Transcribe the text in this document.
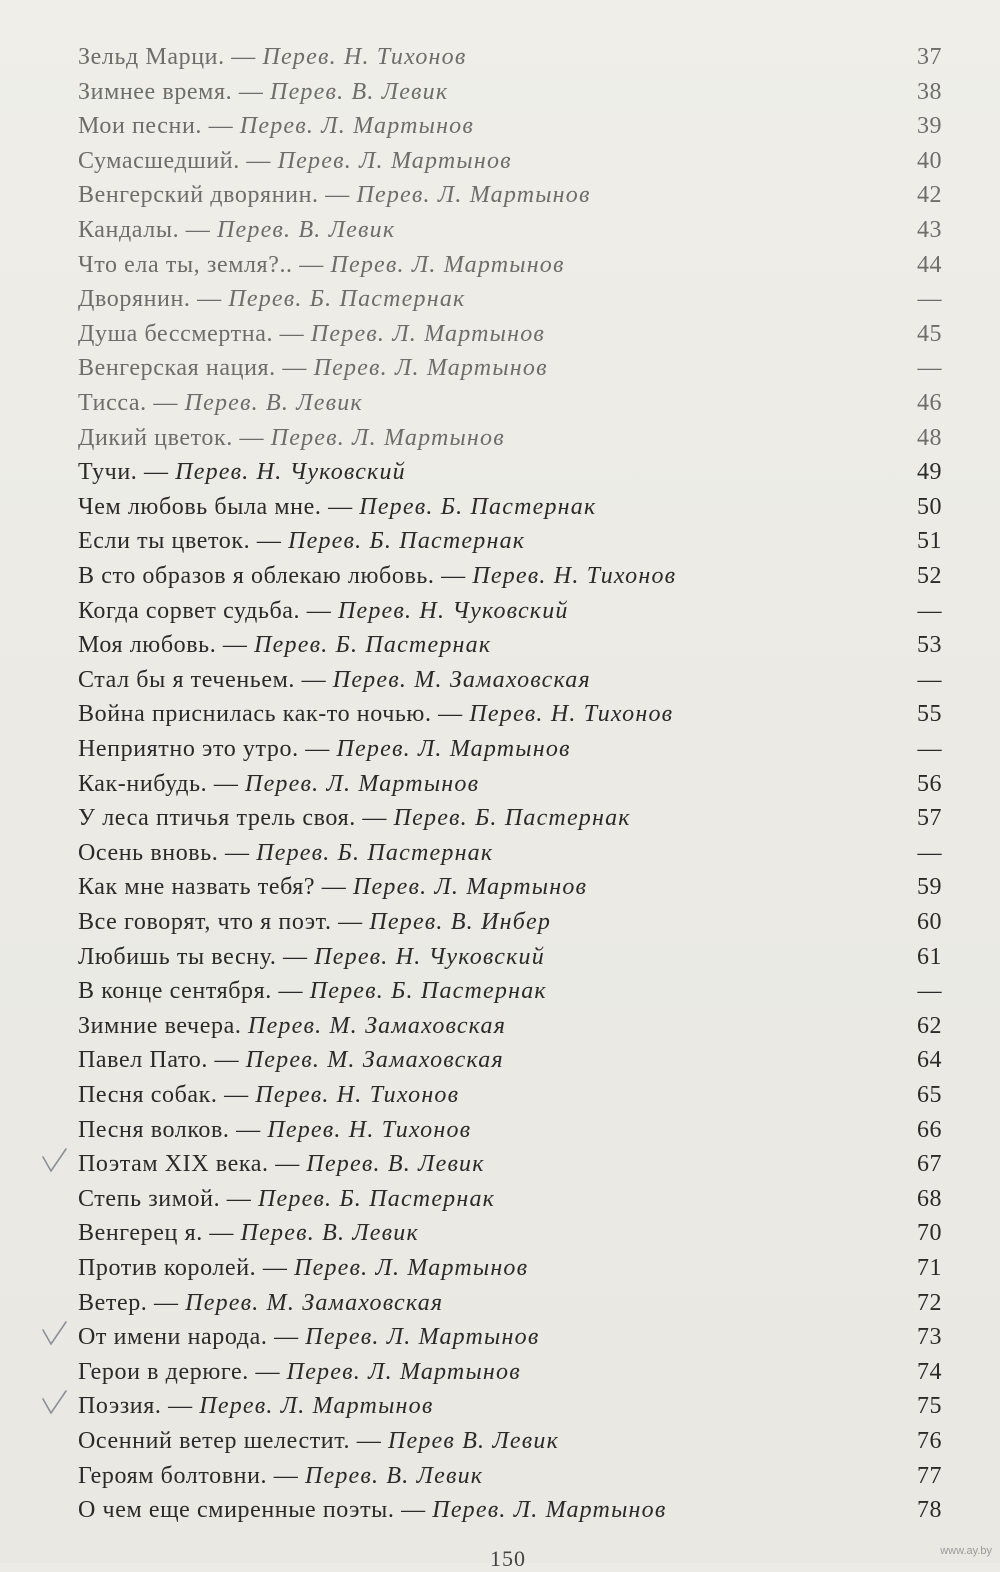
Зельд Марци. — Перев. Н. Тихонов	37
Зимнее время. — Перев. В. Левик	38
Мои песни. — Перев. Л. Мартынов	39
Сумасшедший. — Перев. Л. Мартынов	40
Венгерский дворянин. — Перев. Л. Мартынов	42
Кандалы. — Перев. В. Левик	43
Что ела ты, земля?.. — Перев. Л. Мартынов	44
Дворянин. — Перев. Б. Пастернак	—
Душа бессмертна. — Перев. Л. Мартынов	45
Венгерская нация. — Перев. Л. Мартынов	—
Тисса. — Перев. В. Левик	46
Дикий цветок. — Перев. Л. Мартынов	48
Тучи. — Перев. Н. Чуковский	49
Чем любовь была мне. — Перев. Б. Пастернак	50
Если ты цветок. — Перев. Б. Пастернак	51
В сто образов я облекаю любовь. — Перев. Н. Тихонов	52
Когда сорвет судьба. — Перев. Н. Чуковский	—
Моя любовь. — Перев. Б. Пастернак	53
Стал бы я теченьем. — Перев. М. Замаховская	—
Война приснилась как-то ночью. — Перев. Н. Тихонов	55
Неприятно это утро. — Перев. Л. Мартынов	—
Как-нибудь. — Перев. Л. Мартынов	56
У леса птичья трель своя. — Перев. Б. Пастернак	57
Осень вновь. — Перев. Б. Пастернак	—
Как мне назвать тебя? — Перев. Л. Мартынов	59
Все говорят, что я поэт. — Перев. В. Инбер	60
Любишь ты весну. — Перев. Н. Чуковский	61
В конце сентября. — Перев. Б. Пастернак	—
Зимние вечера. Перев. М. Замаховская	62
Павел Пато. — Перев. М. Замаховская	64
Песня собак. — Перев. Н. Тихонов	65
Песня волков. — Перев. Н. Тихонов	66
Поэтам XIX века. — Перев. В. Левик	67
Степь зимой. — Перев. Б. Пастернак	68
Венгерец я. — Перев. В. Левик	70
Против королей. — Перев. Л. Мартынов	71
Ветер. — Перев. М. Замаховская	72
От имени народа. — Перев. Л. Мартынов	73
Герои в дерюге. — Перев. Л. Мартынов	74
Поэзия. — Перев. Л. Мартынов	75
Осенний ветер шелестит. — Перев В. Левик	76
Героям болтовни. — Перев. В. Левик	77
О чем еще смиренные поэты. — Перев. Л. Мартынов	78
150	www.ay.by
